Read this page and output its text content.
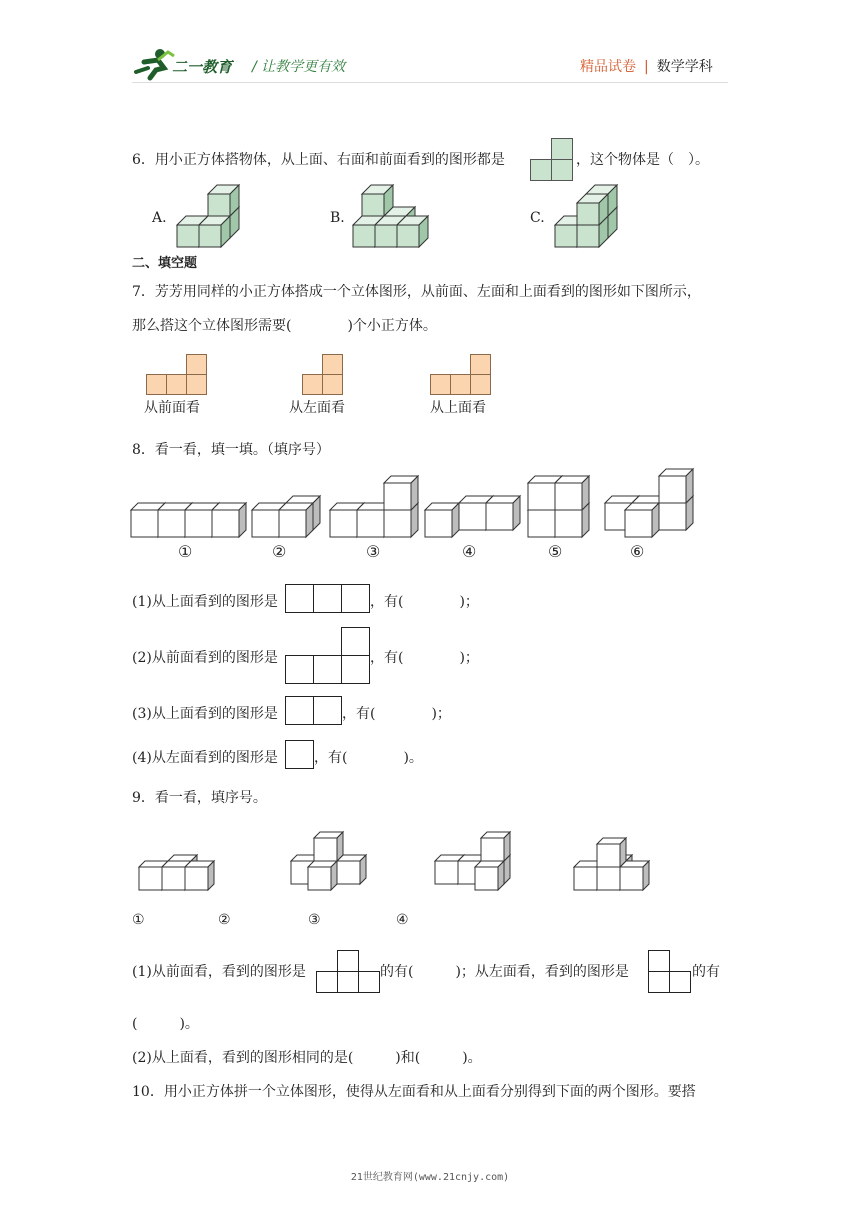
二一教育 / 让教学更有效	精品试卷 | 数学学科
6．用小正方体搭物体，从上面、右面和前面看到的图形都是	，这个物体是（　）。
A.	B.	C.
二、填空题
7．芳芳用同样的小正方体搭成一个立体图形，从前面、左面和上面看到的图形如下图所示，
那么搭这个立体图形需要(　　　　)个小正方体。
从前面看	从左面看	从上面看
8．看一看，填一填。（填序号）
①	②	③	④	⑤	⑥
(1)从上面看到的图形是	，有(　　　　)；
(2)从前面看到的图形是	，有(　　　　)；
(3)从上面看到的图形是	，有(　　　　)；
(4)从左面看到的图形是	，有(　　　　)。
9．看一看，填序号。
①	②	③	④
(1)从前面看，看到的图形是	的有(　　　)；从左面看，看到的图形是	的有
(　　　)。
(2)从上面看，看到的图形相同的是(　　　)和(　　　)。
10．用小正方体拼一个立体图形，使得从左面看和从上面看分别得到下面的两个图形。要搭
21世纪教育网(www.21cnjy.com)
